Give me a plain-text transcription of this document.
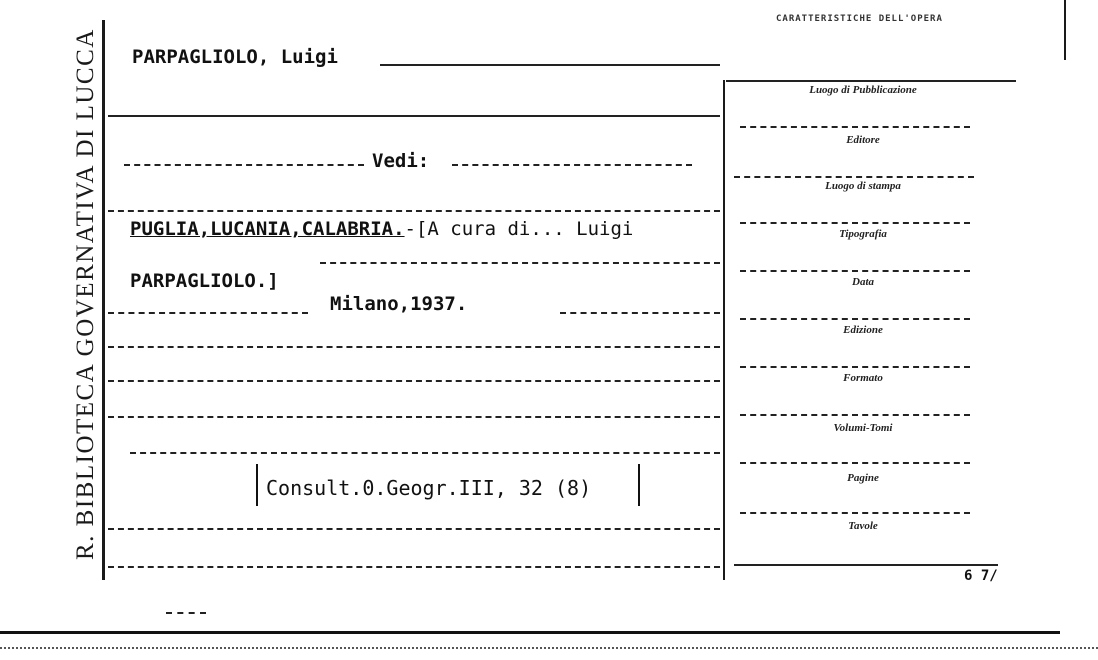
R. BIBLIOTECA GOVERNATIVA DI LUCCA
CARATTERISTICHE DELL'OPERA
PARPAGLIOLO, Luigi
Vedi:
PUGLIA,LUCANIA,CALABRIA.-[A cura di... Luigi
PARPAGLIOLO.]
Milano,1937.
Consult.0.Geogr.III, 32 (8)
Luogo di Pubblicazione
Editore
Luogo di stampa
Tipografia
Data
Edizione
Formato
Volumi-Tomi
Pagine
Tavole
6 7/
